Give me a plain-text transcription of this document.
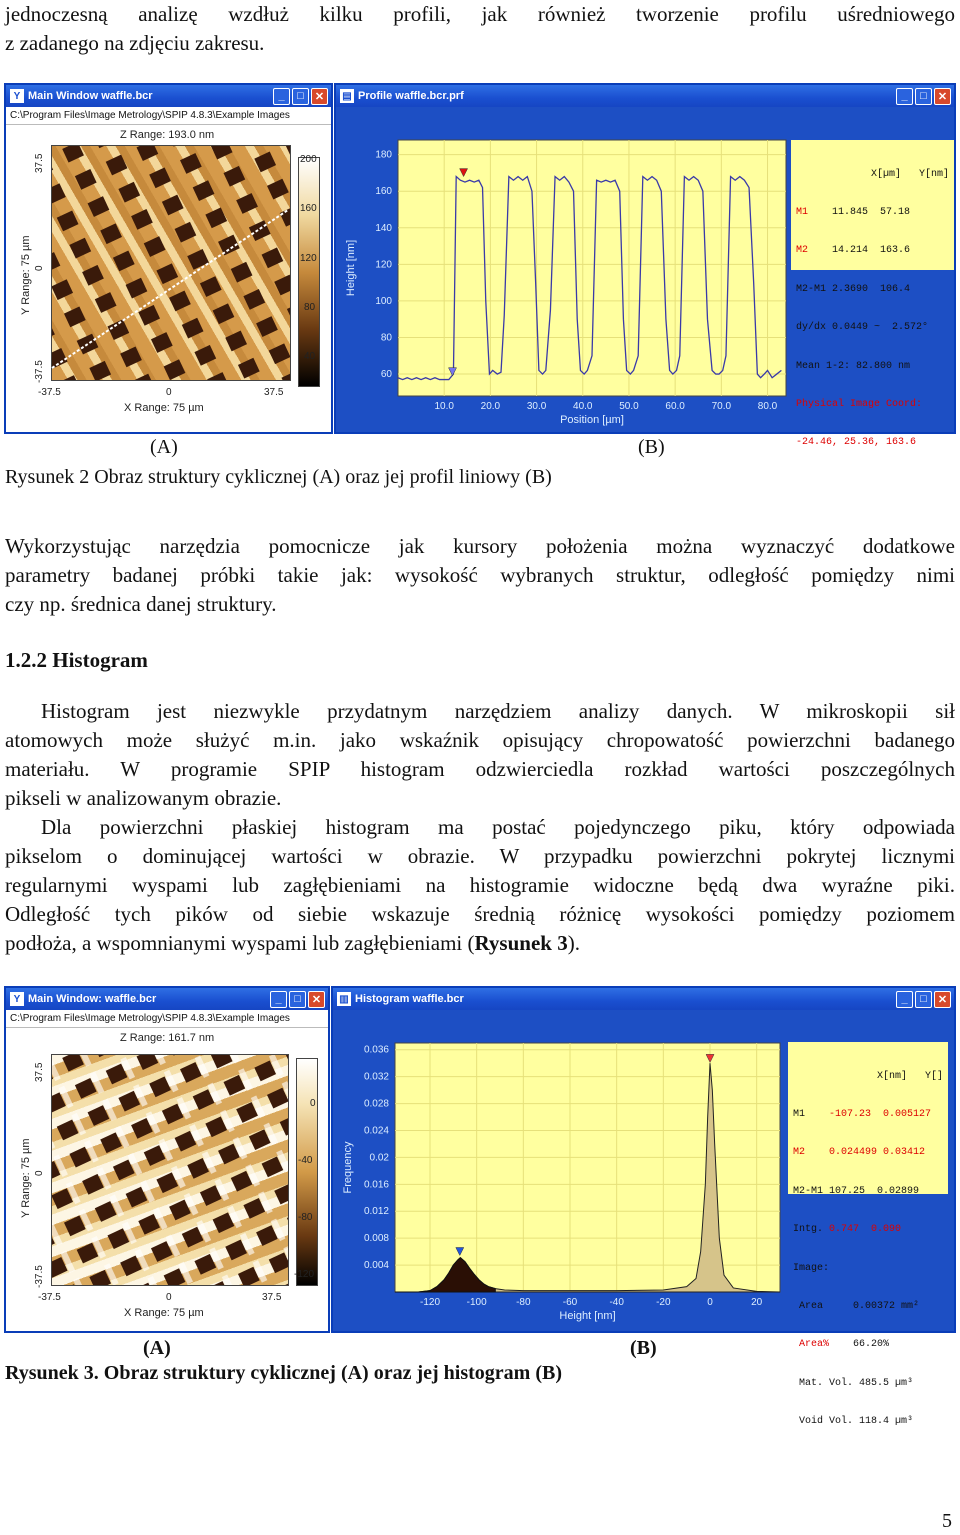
jednoczesną analizę wzdłuż kilku profili, jak również tworzenie profilu uśredniowego
z zadanego na zdjęciu zakresu.
Y Main Window waffle.bcr	_	□	✕
C:\Program Files\Image Metrology\SPIP 4.8.3\Example Images
Z Range: 193.0 nm
200
160
120
80
40
-37.5	0	37.5
X Range: 75 µm
37.5
0
-37.5
Y Range: 75 µm
▤ Profile waffle.bcr.prf	_	□	✕
10.0	20.0	30.0	40.0	50.0	60.0	70.0	80.0
180
160
140
120
100
80
60
Position [µm]
Height [nm]

X[µm]   Y[nm]

M1 11.845  57.18

M2 14.214  163.6

M2-M1 2.3690  106.4

dy/dx 0.0449 ~  2.572°

Mean 1-2: 82.800 nm

Physical Image Coord:

-24.46, 25.36, 163.6

(A)	(B)
Rysunek 2 Obraz struktury cyklicznej (A) oraz jej profil liniowy (B)
Wykorzystując narzędzia pomocnicze jak kursory położenia można wyznaczyć dodatkowe
parametry badanej próbki takie jak: wysokość wybranych struktur, odległość pomiędzy nimi
czy np. średnica danej struktury.
1.2.2 Histogram
Histogram jest niezwykle przydatnym narzędziem analizy danych. W mikroskopii sił
atomowych może służyć m.in. jako wskaźnik opisujący chropowatość powierzchni badanego
materiału. W programie SPIP histogram odzwierciedla rozkład wartości poszczególnych
pikseli w analizowanym obrazie.
Dla powierzchni płaskiej histogram ma postać pojedynczego piku, który odpowiada
pikselom o dominującej wartości w obrazie. W przypadku powierzchni pokrytej licznymi
regularnymi wyspami lub zagłębieniami na histogramie widoczne będą dwa wyraźne piki.
Odległość tych pików od siebie wskazuje średnią różnicę wysokości pomiędzy poziomem
podłoża, a wspomnianymi wyspami lub zagłębieniami (Rysunek 3).
Y Main Window: waffle.bcr	_	□	✕
C:\Program Files\Image Metrology\SPIP 4.8.3\Example Images
Z Range: 161.7 nm
0
-40
-80
-120
-37.5	0	37.5
X Range: 75 µm
37.5
0
-37.5
Y Range: 75 µm
▥ Histogram waffle.bcr	_	□	✕
-120	-100	-80	-60	-40	-20	0	20
0.036
0.032
0.028
0.024
0.02
0.016
0.012
0.008
0.004
Height [nm]
Frequency

X[nm]   Y[]

M1 -107.23  0.005127

M2 0.024499 0.03412

M2-M1 107.25  0.02899

Intg. 0.747  0.090

Image:

Area	0.00372 mm²

Area% 66.20%

Mat. Vol. 485.5 µm³

Void Vol. 118.4 µm³

(A)	(B)
Rysunek 3. Obraz struktury cyklicznej (A) oraz jej histogram (B)
5
